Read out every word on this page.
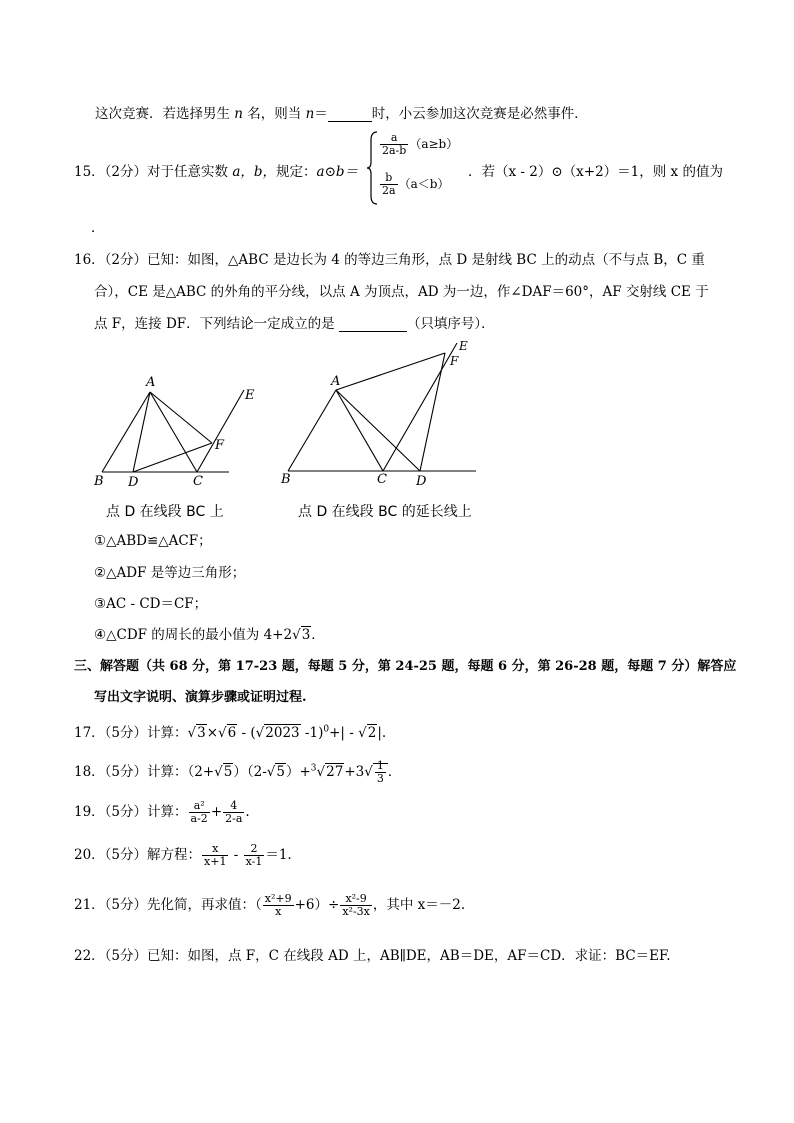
这次竞赛．若选择男生 n 名，则当 n＝	时，小云参加这次竞赛是必然事件．
15．（2分）对于任意实数 a，b，规定：a⊙b＝
$\frac{a}{2a-b} (a\ge b)$
$\frac{b}{2a} (a<b)$
．若（x - 2）⊙（x+2）＝1，则 x 的值为
．
16．（2分）已知：如图，△ABC 是边长为 4 的等边三角形，点 D 是射线 BC 上的动点（不与点 B，C 重
合），CE 是△ABC 的外角的平分线，以点 A 为顶点，AD 为一边，作∠DAF＝60°，AF 交射线 CE 于
点 F，连接 DF．下列结论一定成立的是	（只填序号）．
A
B	C
D
E
F
点 D 在线段 BC 上
A
B	C D
E
F
点 D 在线段 BC 的延长线上
①△ABD≌△ACF；
②△ADF 是等边三角形；
③AC - CD＝CF；
④△CDF 的周长的最小值为 4+2√3．
三、解答题（共 68 分，第 17-23 题，每题 5 分，第 24-25 题，每题 6 分，第 26-28 题，每题 7 分）解答应
写出文字说明、演算步骤或证明过程.
17．（5分）计算：√3×√6 - (√2023 -1)$^0$+| - √2|.
18．（5分）计算：$(2+√5)(2-√5)+^3√27+3√ \frac{1}{3}$ ．
19．（5分）计算： $\frac{\text{a²}}{a-2} + \frac{4}{2-a}$ .
20．（5分）解方程： $\frac{x}{x+1} - \frac{2}{x-1} =1$.
21．（5分）先化简，再求值：（ $\frac{\text{x²+9}}{x} +6)\div \frac{\text{x²-9}}{\text{x²-3x}}$ ，其中 x＝－2.
22．（5分）已知：如图，点 F，C 在线段 AD 上，AB∥DE，AB＝DE，AF＝CD．求证：BC＝EF.
